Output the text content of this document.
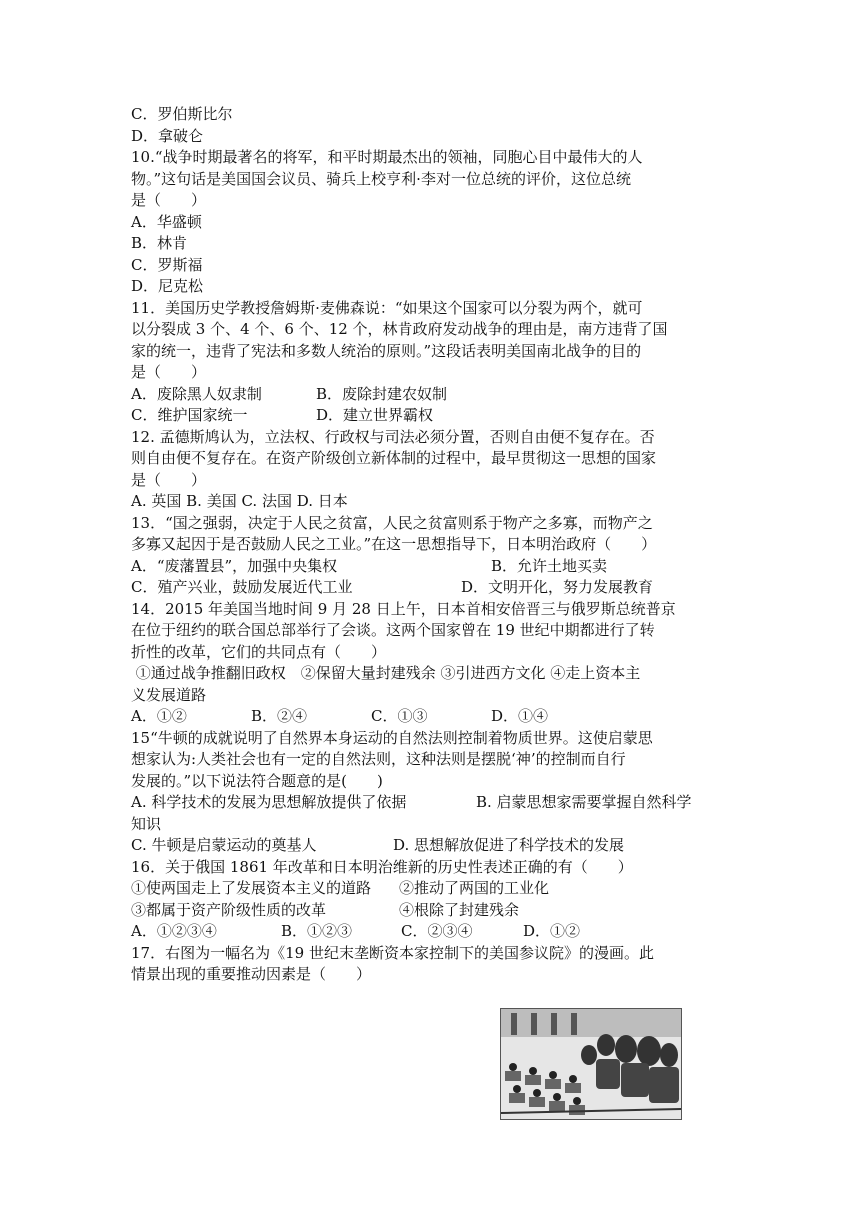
C．罗伯斯比尔
D．拿破仑
10.“战争时期最著名的将军，和平时期最杰出的领袖，同胞心目中最伟大的人
物。”这句话是美国国会议员、骑兵上校亨利·李对一位总统的评价，这位总统
是（　　）
A．华盛顿
B．林肯
C．罗斯福
D．尼克松
11．美国历史学教授詹姆斯·麦佛森说：“如果这个国家可以分裂为两个，就可
以分裂成 3 个、4 个、6 个、12 个，林肯政府发动战争的理由是，南方违背了国
家的统一，违背了宪法和多数人统治的原则。”这段话表明美国南北战争的目的
是（　　）
A．废除黑人奴隶制	B．废除封建农奴制
C．维护国家统一	D．建立世界霸权
12. 孟德斯鸠认为，立法权、行政权与司法必须分置，否则自由便不复存在。否
则自由便不复存在。在资产阶级创立新体制的过程中，最早贯彻这一思想的国家
是（　　）
A. 英国 B. 美国 C. 法国 D. 日本
13．“国之强弱，决定于人民之贫富，人民之贫富则系于物产之多寡，而物产之
多寡又起因于是否鼓励人民之工业。”在这一思想指导下，日本明治政府（　　）
A．“废藩置县”，加强中央集权	B．允许土地买卖
C．殖产兴业，鼓励发展近代工业	D．文明开化，努力发展教育
14．2015 年美国当地时间 9 月 28 日上午，日本首相安倍晋三与俄罗斯总统普京
在位于纽约的联合国总部举行了会谈。这两个国家曾在 19 世纪中期都进行了转
折性的改革，它们的共同点有（　　）
①通过战争推翻旧政权　②保留大量封建残余 ③引进西方文化 ④走上资本主
义发展道路
A．①②	B．②④	C．①③	D．①④
15“牛顿的成就说明了自然界本身运动的自然法则控制着物质世界。这使启蒙思
想家认为:人类社会也有一定的自然法则，这种法则是摆脱‘神’的控制而自行
发展的。”以下说法符合题意的是(　　)
A. 科学技术的发展为思想解放提供了依据	B. 启蒙思想家需要掌握自然科学
知识
C. 牛顿是启蒙运动的奠基人	D. 思想解放促进了科学技术的发展
16．关于俄国 1861 年改革和日本明治维新的历史性表述正确的有（　　）
①使两国走上了发展资本主义的道路 ②推动了两国的工业化
③都属于资产阶级性质的改革	④根除了封建残余
A．①②③④	B．①②③	C．②③④	D．①②
17．右图为一幅名为《19 世纪末垄断资本家控制下的美国参议院》的漫画。此
情景出现的重要推动因素是（　　）
